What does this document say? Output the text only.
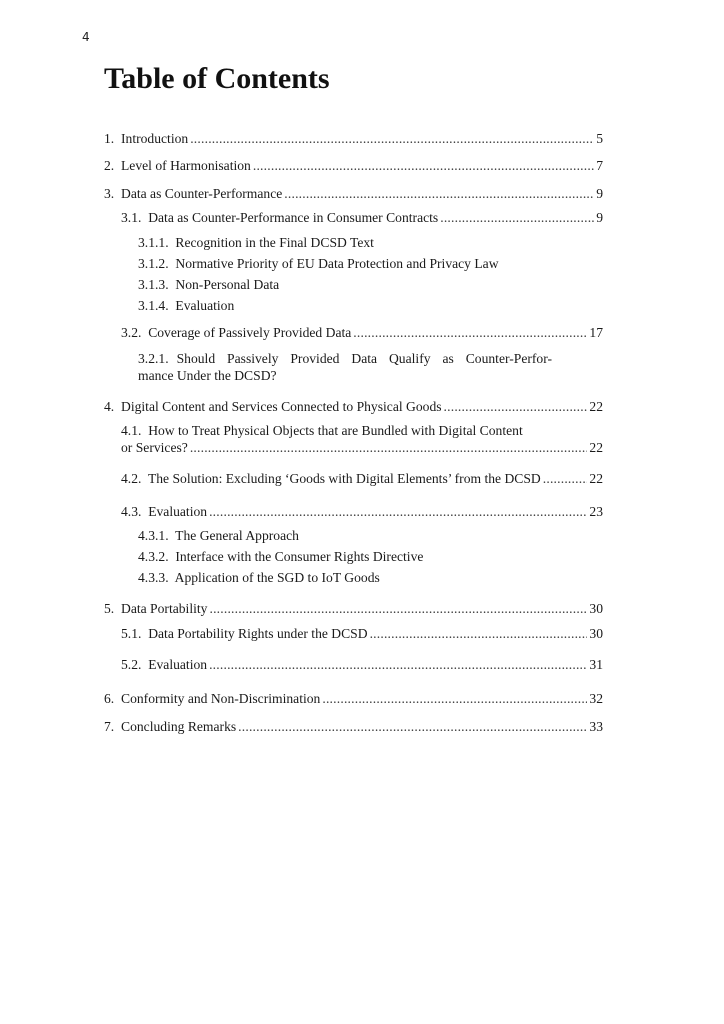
4
Table of Contents
1. Introduction . . .	5
2. Level of Harmonisation . . .	7
3. Data as Counter-Performance . . .	9
3.1. Data as Counter-Performance in Consumer Contracts . . .	9
3.1.1. Recognition in the Final DCSD Text
3.1.2. Normative Priority of EU Data Protection and Privacy Law
3.1.3. Non-Personal Data
3.1.4. Evaluation
3.2. Coverage of Passively Provided Data . . .	17
3.2.1. Should Passively Provided Data Qualify as Counter-Perfor-
mance Under the DCSD?
4. Digital Content and Services Connected to Physical Goods . . .	22
4.1. How to Treat Physical Objects that are Bundled with Digital Content
or Services? . . .	22
4.2. The Solution: Excluding ‘Goods with Digital Elements’ from the DCSD . . .	22
4.3. Evaluation . . .	23
4.3.1. The General Approach
4.3.2. Interface with the Consumer Rights Directive
4.3.3. Application of the SGD to IoT Goods
5. Data Portability . . .	30
5.1. Data Portability Rights under the DCSD . . .	30
5.2. Evaluation . . .	31
6. Conformity and Non-Discrimination . . .	32
7. Concluding Remarks . . .	33
